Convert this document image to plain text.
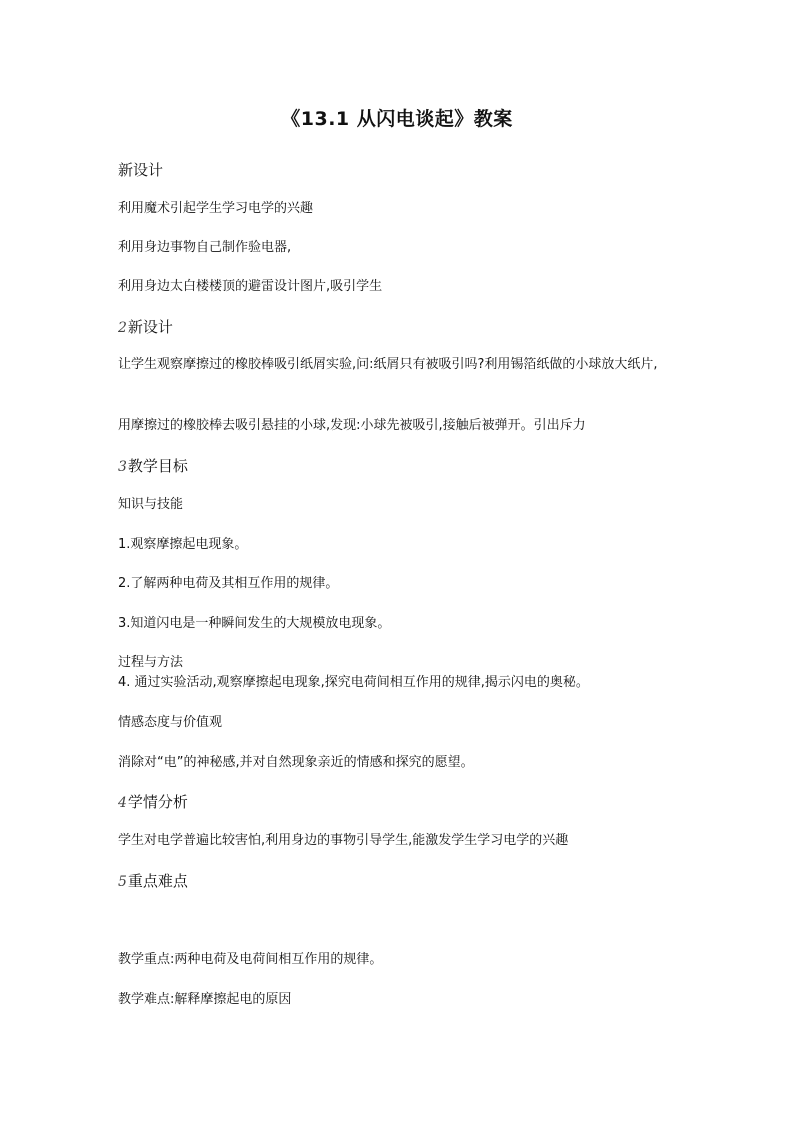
《13.1 从闪电谈起》教案
新设计
利用魔术引起学生学习电学的兴趣
利用身边事物自己制作验电器,
利用身边太白楼楼顶的避雷设计图片,吸引学生
2新设计
让学生观察摩擦过的橡胶棒吸引纸屑实验,问:纸屑只有被吸引吗?利用锡箔纸做的小球放大纸片,
用摩擦过的橡胶棒去吸引悬挂的小球,发现:小球先被吸引,接触后被弹开。引出斥力
3教学目标
知识与技能
1.观察摩擦起电现象。
2.了解两种电荷及其相互作用的规律。
3.知道闪电是一种瞬间发生的大规模放电现象。
过程与方法
4. 通过实验活动,观察摩擦起电现象,探究电荷间相互作用的规律,揭示闪电的奥秘。
情感态度与价值观
消除对“电”的神秘感,并对自然现象亲近的情感和探究的愿望。
4学情分析
学生对电学普遍比较害怕,利用身边的事物引导学生,能激发学生学习电学的兴趣
5重点难点
教学重点:两种电荷及电荷间相互作用的规律。
教学难点:解释摩擦起电的原因
